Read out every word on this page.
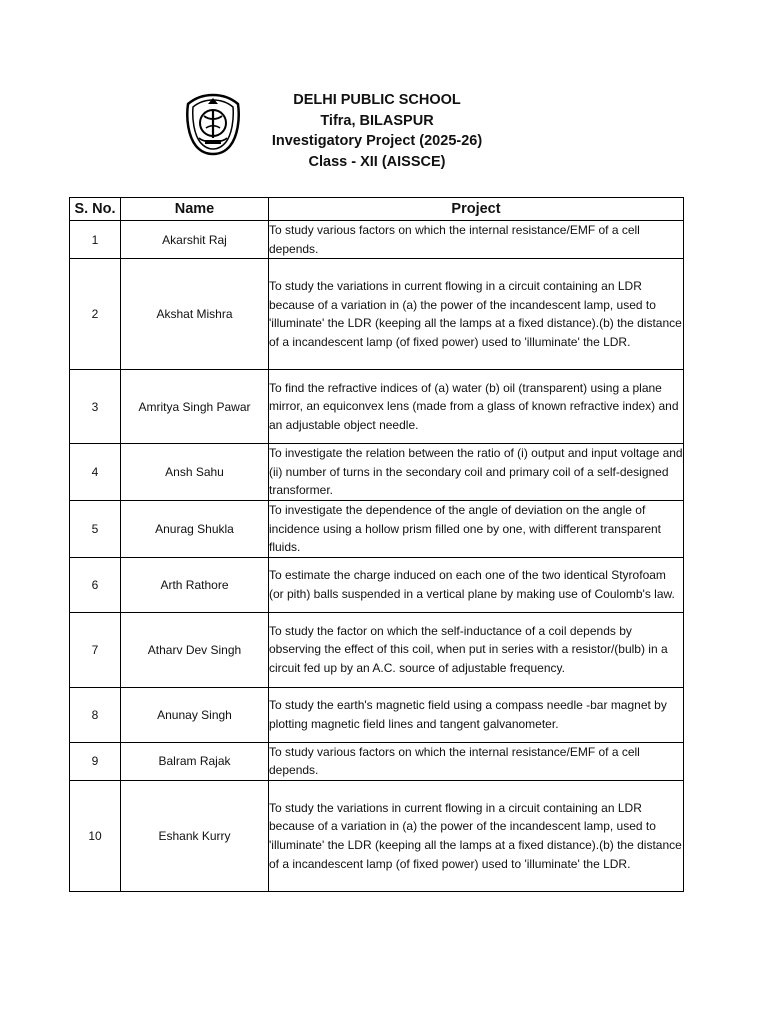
DELHI PUBLIC SCHOOL
Tifra, BILASPUR
Investigatory Project (2025-26)
Class - XII (AISSCE)
S. No.	Name	Project
1	Akarshit Raj	To study various factors on which the internal resistance/EMF of a cell depends.
2	Akshat Mishra	To study the variations in current flowing in a circuit containing an LDR because of a variation in (a) the power of the incandescent lamp, used to 'illuminate' the LDR (keeping all the lamps at a fixed distance).(b) the distance of a incandescent lamp (of fixed power) used to 'illuminate' the LDR.
3	Amritya Singh Pawar	To find the refractive indices of (a) water (b) oil (transparent) using a plane mirror, an equiconvex lens (made from a glass of known refractive index) and an adjustable object needle.
4	Ansh Sahu	To investigate the relation between the ratio of (i) output and input voltage and (ii) number of turns in the secondary coil and primary coil of a self-designed transformer.
5	Anurag Shukla	To investigate the dependence of the angle of deviation on the angle of incidence using a hollow prism filled one by one, with different transparent fluids.
6	Arth Rathore	To estimate the charge induced on each one of the two identical Styrofoam (or pith) balls suspended in a vertical plane by making use of Coulomb's law.
7	Atharv Dev Singh	To study the factor on which the self-inductance of a coil depends by observing the effect of this coil, when put in series with a resistor/(bulb) in a circuit fed up by an A.C. source of adjustable frequency.
8	Anunay Singh	To study the earth's magnetic field using a compass needle -bar magnet by plotting magnetic field lines and tangent galvanometer.
9	Balram Rajak	To study various factors on which the internal resistance/EMF of a cell depends.
10	Eshank Kurry	To study the variations in current flowing in a circuit containing an LDR because of a variation in (a) the power of the incandescent lamp, used to 'illuminate' the LDR (keeping all the lamps at a fixed distance).(b) the distance of a incandescent lamp (of fixed power) used to 'illuminate' the LDR.
